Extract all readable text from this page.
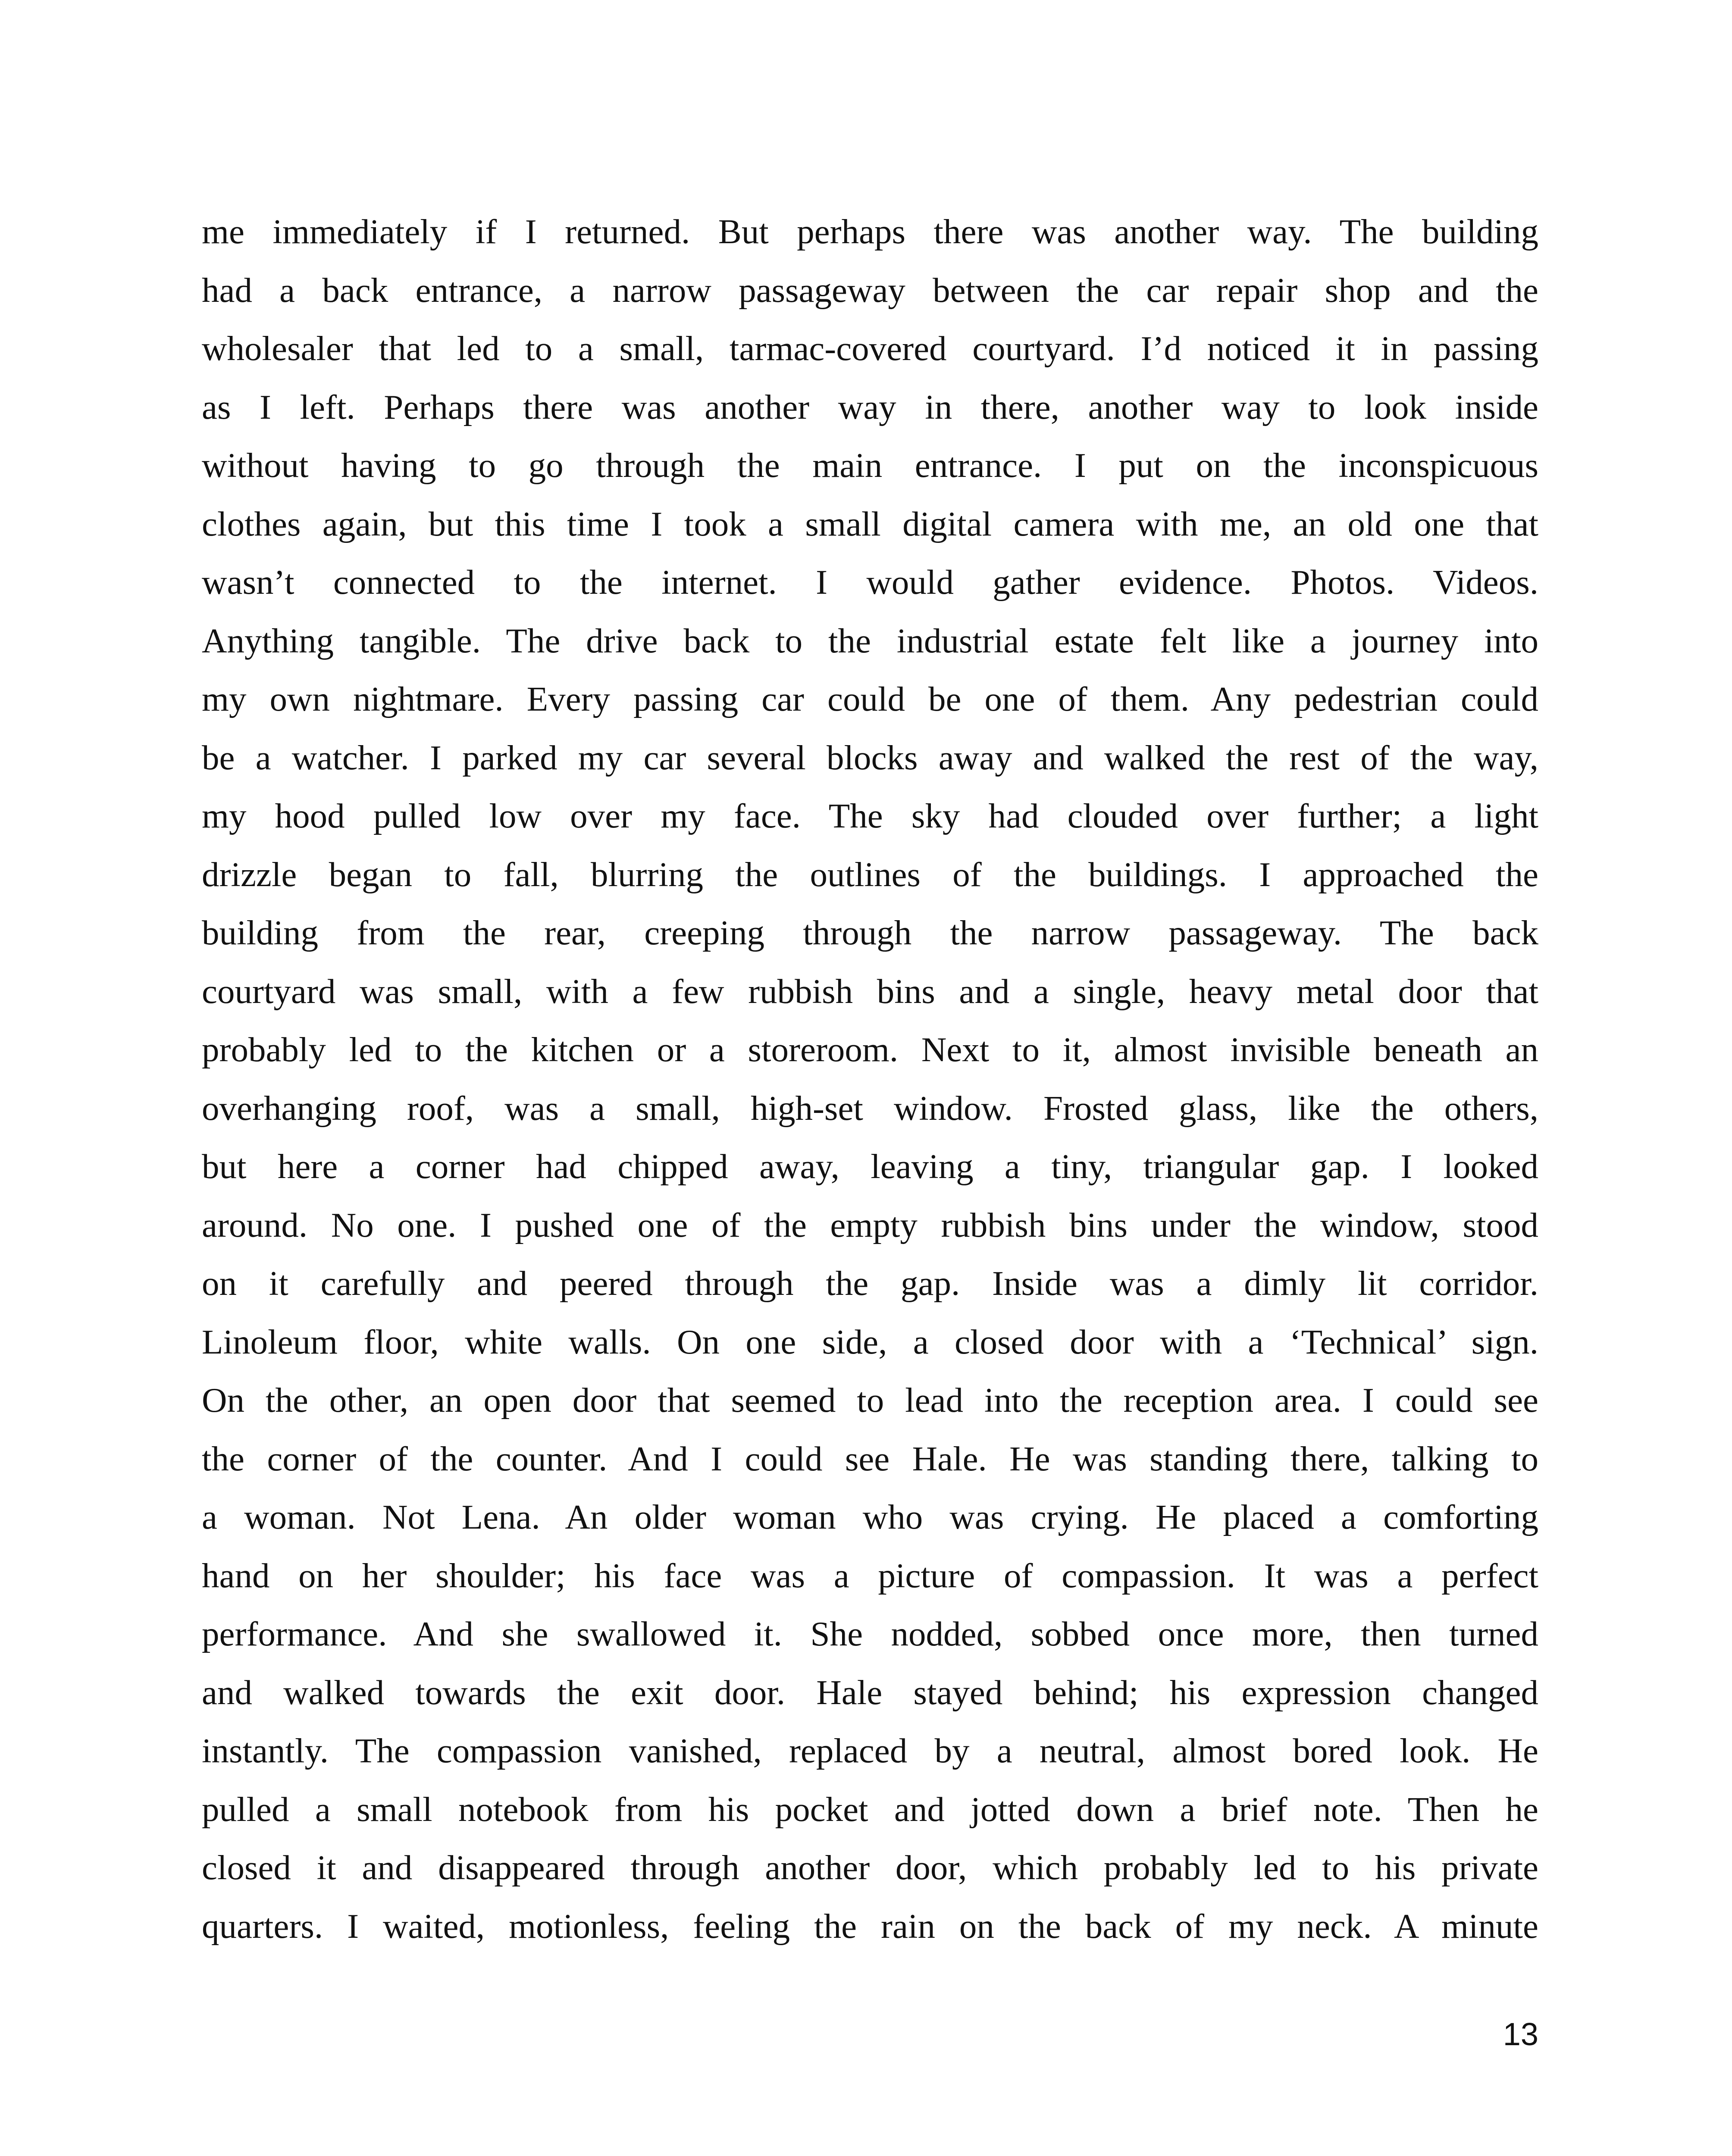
me immediately if I returned. But perhaps there was another way. The building
had a back entrance, a narrow passageway between the car repair shop and the
wholesaler that led to a small, tarmac-covered courtyard. I’d noticed it in passing
as I left. Perhaps there was another way in there, another way to look inside
without having to go through the main entrance. I put on the inconspicuous
clothes again, but this time I took a small digital camera with me, an old one that
wasn’t connected to the internet. I would gather evidence. Photos. Videos.
Anything tangible. The drive back to the industrial estate felt like a journey into
my own nightmare. Every passing car could be one of them. Any pedestrian could
be a watcher. I parked my car several blocks away and walked the rest of the way,
my hood pulled low over my face. The sky had clouded over further; a light
drizzle began to fall, blurring the outlines of the buildings. I approached the
building from the rear, creeping through the narrow passageway. The back
courtyard was small, with a few rubbish bins and a single, heavy metal door that
probably led to the kitchen or a storeroom. Next to it, almost invisible beneath an
overhanging roof, was a small, high-set window. Frosted glass, like the others,
but here a corner had chipped away, leaving a tiny, triangular gap. I looked
around. No one. I pushed one of the empty rubbish bins under the window, stood
on it carefully and peered through the gap. Inside was a dimly lit corridor.
Linoleum floor, white walls. On one side, a closed door with a ‘Technical’ sign.
On the other, an open door that seemed to lead into the reception area. I could see
the corner of the counter. And I could see Hale. He was standing there, talking to
a woman. Not Lena. An older woman who was crying. He placed a comforting
hand on her shoulder; his face was a picture of compassion. It was a perfect
performance. And she swallowed it. She nodded, sobbed once more, then turned
and walked towards the exit door. Hale stayed behind; his expression changed
instantly. The compassion vanished, replaced by a neutral, almost bored look. He
pulled a small notebook from his pocket and jotted down a brief note. Then he
closed it and disappeared through another door, which probably led to his private
quarters. I waited, motionless, feeling the rain on the back of my neck. A minute
13
